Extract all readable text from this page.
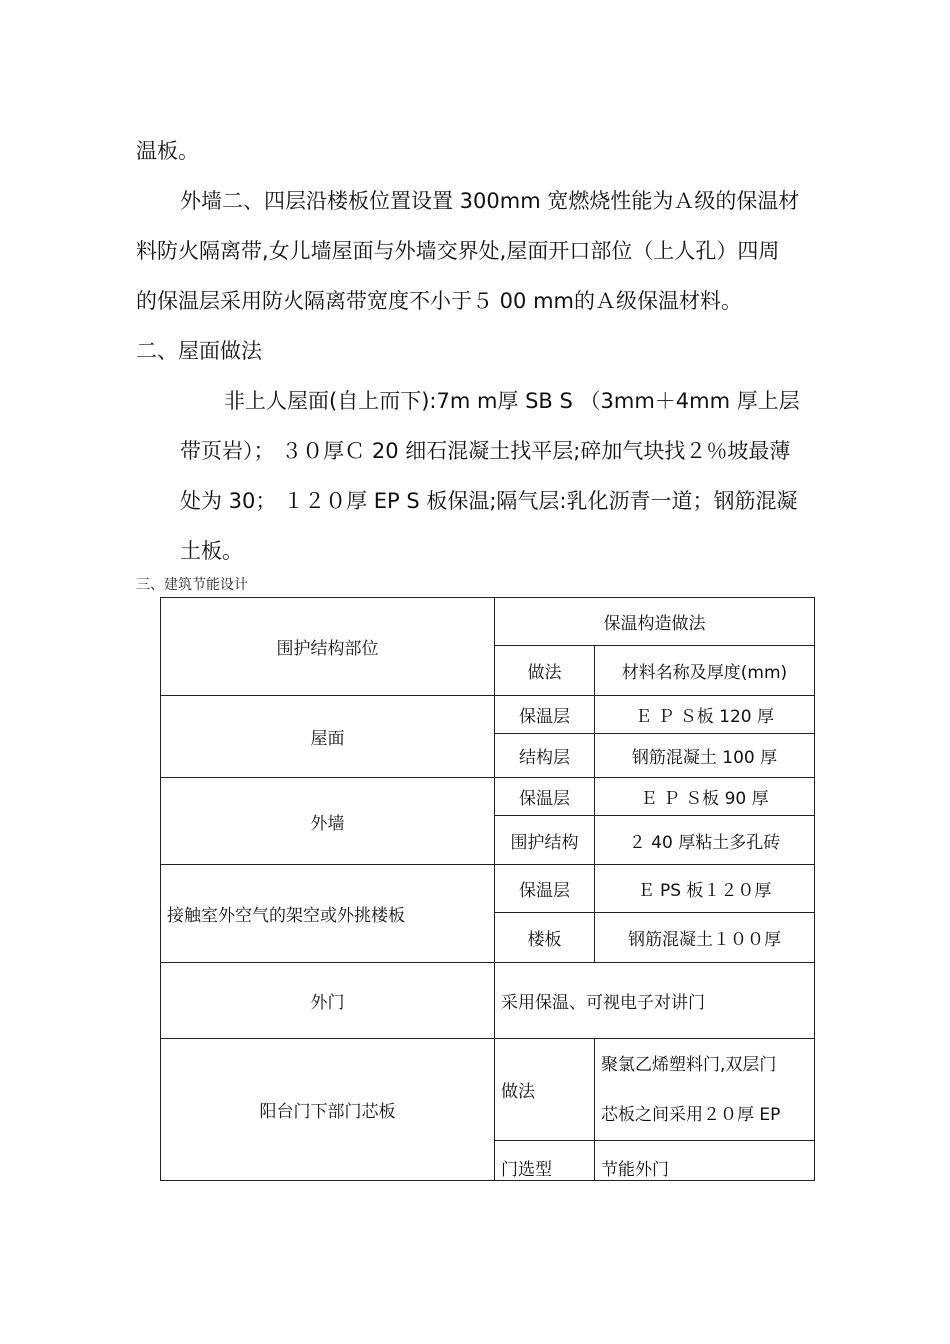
温板。

外墙二、四层沿楼板位置设置 300mm 宽燃烧性能为Ａ级的保温材

料防火隔离带,女儿墙屋面与外墙交界处,屋面开口部位（上人孔）四周

的保温层采用防火隔离带宽度不小于５ 00 mm的Ａ级保温材料。

二、屋面做法

非上人屋面(自上而下):7m m厚 SB S （3mm＋4mm 厚上层

带页岩）； ３０厚Ｃ 20 细石混凝土找平层;碎加气块找２％坡最薄

处为 30； １２０厚 EP S 板保温;隔气层:乳化沥青一道；钢筋混凝

土板。

三、建筑节能设计
围护结构部位	保温构造做法	
	做法	材料名称及厚度(mm)
屋面	保温层	Ｅ Ｐ Ｓ板 120 厚
	结构层	钢筋混凝土 100 厚
外墙	保温层	Ｅ Ｐ Ｓ板 90 厚
	围护结构	２ 40 厚粘土多孔砖
接触室外空气的架空或外挑楼板	保温层	Ｅ PS 板１２０厚
	楼板	钢筋混凝土１００厚
外门	采用保温、可视电子对讲门	
阳台门下部门芯板	做法	聚氯乙烯塑料门,双层门
芯板之间采用２０厚 EP

	门选型	节能外门
